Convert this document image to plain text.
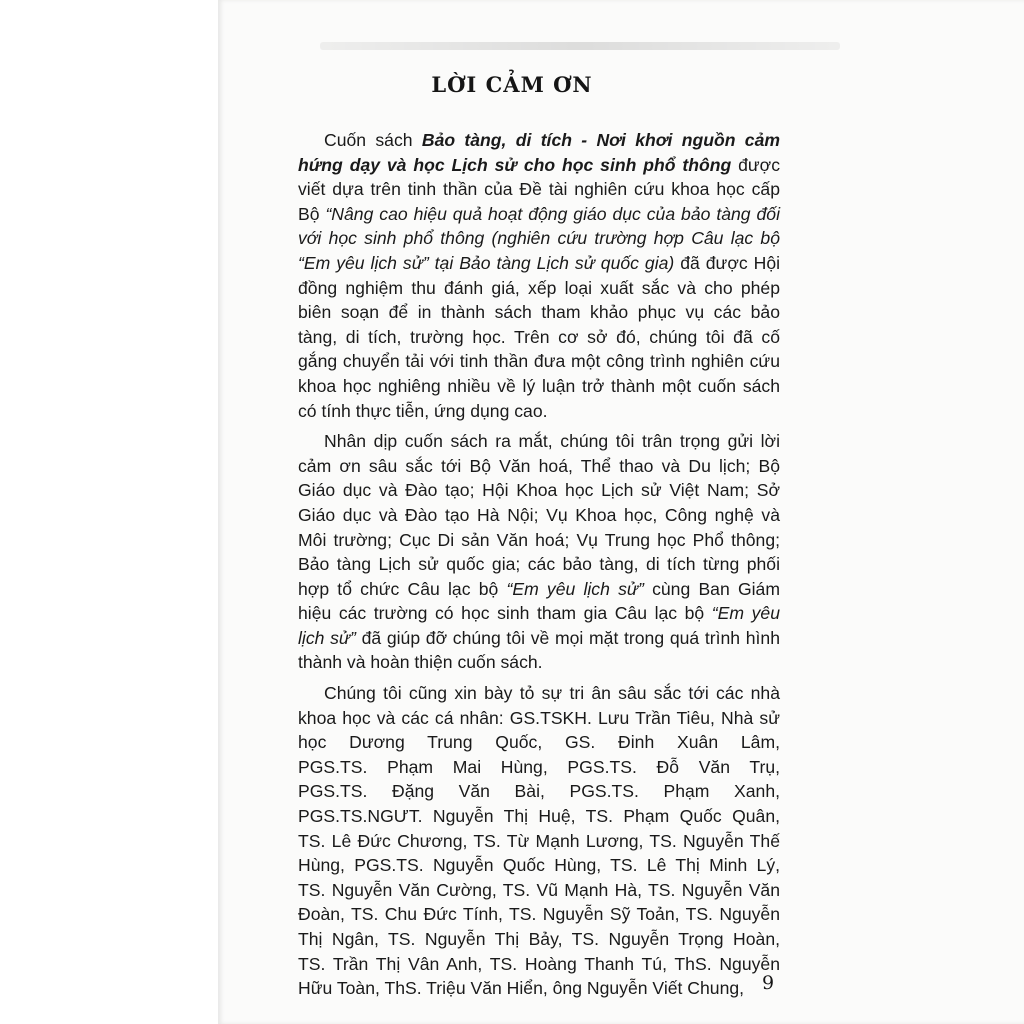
LỜI CẢM ƠN
Cuốn sách Bảo tàng, di tích - Nơi khơi nguồn cảm
hứng dạy và học Lịch sử cho học sinh phổ thông được
viết dựa trên tinh thần của Đề tài nghiên cứu khoa học cấp
Bộ “Nâng cao hiệu quả hoạt động giáo dục của bảo tàng đối
với học sinh phổ thông (nghiên cứu trường hợp Câu lạc bộ
“Em yêu lịch sử” tại Bảo tàng Lịch sử quốc gia) đã được Hội
đồng nghiệm thu đánh giá, xếp loại xuất sắc và cho phép
biên soạn để in thành sách tham khảo phục vụ các bảo
tàng, di tích, trường học. Trên cơ sở đó, chúng tôi đã cố
gắng chuyển tải với tinh thần đưa một công trình nghiên cứu
khoa học nghiêng nhiều về lý luận trở thành một cuốn sách
có tính thực tiễn, ứng dụng cao.
Nhân dịp cuốn sách ra mắt, chúng tôi trân trọng gửi lời
cảm ơn sâu sắc tới Bộ Văn hoá, Thể thao và Du lịch; Bộ
Giáo dục và Đào tạo; Hội Khoa học Lịch sử Việt Nam; Sở
Giáo dục và Đào tạo Hà Nội; Vụ Khoa học, Công nghệ và
Môi trường; Cục Di sản Văn hoá; Vụ Trung học Phổ thông;
Bảo tàng Lịch sử quốc gia; các bảo tàng, di tích từng phối
hợp tổ chức Câu lạc bộ “Em yêu lịch sử” cùng Ban Giám
hiệu các trường có học sinh tham gia Câu lạc bộ “Em yêu
lịch sử” đã giúp đỡ chúng tôi về mọi mặt trong quá trình hình
thành và hoàn thiện cuốn sách.
Chúng tôi cũng xin bày tỏ sự tri ân sâu sắc tới các nhà
khoa học và các cá nhân: GS.TSKH. Lưu Trần Tiêu, Nhà sử
học Dương Trung Quốc, GS. Đinh Xuân Lâm,
PGS.TS. Phạm Mai Hùng, PGS.TS. Đỗ Văn Trụ,
PGS.TS. Đặng Văn Bài, PGS.TS. Phạm Xanh,
PGS.TS.NGƯT. Nguyễn Thị Huệ, TS. Phạm Quốc Quân,
TS. Lê Đức Chương, TS. Từ Mạnh Lương, TS. Nguyễn Thế
Hùng, PGS.TS. Nguyễn Quốc Hùng, TS. Lê Thị Minh Lý,
TS. Nguyễn Văn Cường, TS. Vũ Mạnh Hà, TS. Nguyễn Văn
Đoàn, TS. Chu Đức Tính, TS. Nguyễn Sỹ Toản, TS. Nguyễn
Thị Ngân, TS. Nguyễn Thị Bảy, TS. Nguyễn Trọng Hoàn,
TS. Trần Thị Vân Anh, TS. Hoàng Thanh Tú, ThS. Nguyễn
Hữu Toàn, ThS. Triệu Văn Hiển, ông Nguyễn Viết Chung, 9
